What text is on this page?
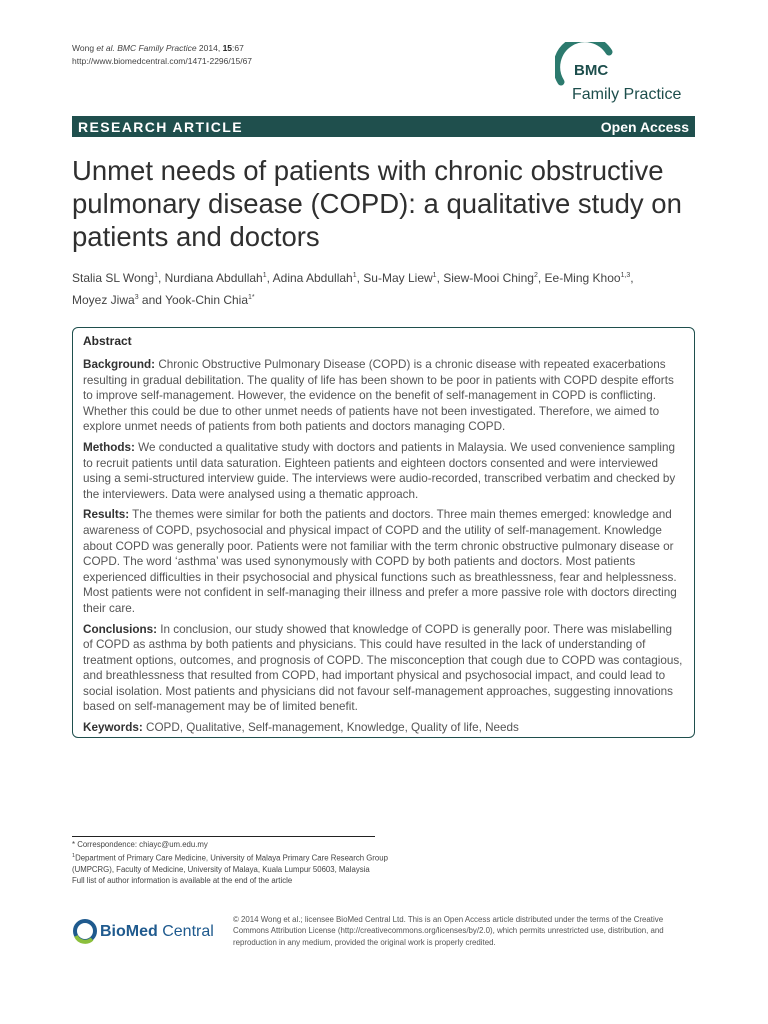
Wong et al. BMC Family Practice 2014, 15:67
http://www.biomedcentral.com/1471-2296/15/67
BMC
Family Practice
RESEARCH ARTICLE	Open Access
Unmet needs of patients with chronic obstructive pulmonary disease (COPD): a qualitative study on patients and doctors
Stalia SL Wong$^1$, Nurdiana Abdullah$^1$, Adina Abdullah$^1$, Su-May Liew$^1$, Siew-Mooi Ching$^2$, Ee-Ming Khoo$^{1,3}$,
Moyez Jiwa$^3$ and Yook-Chin Chia$^{1*}$
Abstract

Background: Chronic Obstructive Pulmonary Disease (COPD) is a chronic disease with repeated exacerbations resulting in gradual debilitation. The quality of life has been shown to be poor in patients with COPD despite efforts to improve self-management. However, the evidence on the benefit of self-management in COPD is conflicting. Whether this could be due to other unmet needs of patients have not been investigated. Therefore, we aimed to explore unmet needs of patients from both patients and doctors managing COPD.

Methods: We conducted a qualitative study with doctors and patients in Malaysia. We used convenience sampling to recruit patients until data saturation. Eighteen patients and eighteen doctors consented and were interviewed using a semi-structured interview guide. The interviews were audio-recorded, transcribed verbatim and checked by the interviewers. Data were analysed using a thematic approach.

Results: The themes were similar for both the patients and doctors. Three main themes emerged: knowledge and awareness of COPD, psychosocial and physical impact of COPD and the utility of self-management. Knowledge about COPD was generally poor. Patients were not familiar with the term chronic obstructive pulmonary disease or COPD. The word ‘asthma’ was used synonymously with COPD by both patients and doctors. Most patients experienced difficulties in their psychosocial and physical functions such as breathlessness, fear and helplessness. Most patients were not confident in self-managing their illness and prefer a more passive role with doctors directing their care.

Conclusions: In conclusion, our study showed that knowledge of COPD is generally poor. There was mislabelling of COPD as asthma by both patients and physicians. This could have resulted in the lack of understanding of treatment options, outcomes, and prognosis of COPD. The misconception that cough due to COPD was contagious, and breathlessness that resulted from COPD, had important physical and psychosocial impact, and could lead to social isolation. Most patients and physicians did not favour self-management approaches, suggesting innovations based on self-management may be of limited benefit.

Keywords: COPD, Qualitative, Self-management, Knowledge, Quality of life, Needs

* Correspondence: chiayc@um.edu.my
$^1$Department of Primary Care Medicine, University of Malaya Primary Care Research Group (UMPCRG), Faculty of Medicine, University of Malaya, Kuala Lumpur 50603, Malaysia
Full list of author information is available at the end of the article
BioMed Central
© 2014 Wong et al.; licensee BioMed Central Ltd. This is an Open Access article distributed under the terms of the Creative Commons Attribution License (http://creativecommons.org/licenses/by/2.0), which permits unrestricted use, distribution, and reproduction in any medium, provided the original work is properly credited.
